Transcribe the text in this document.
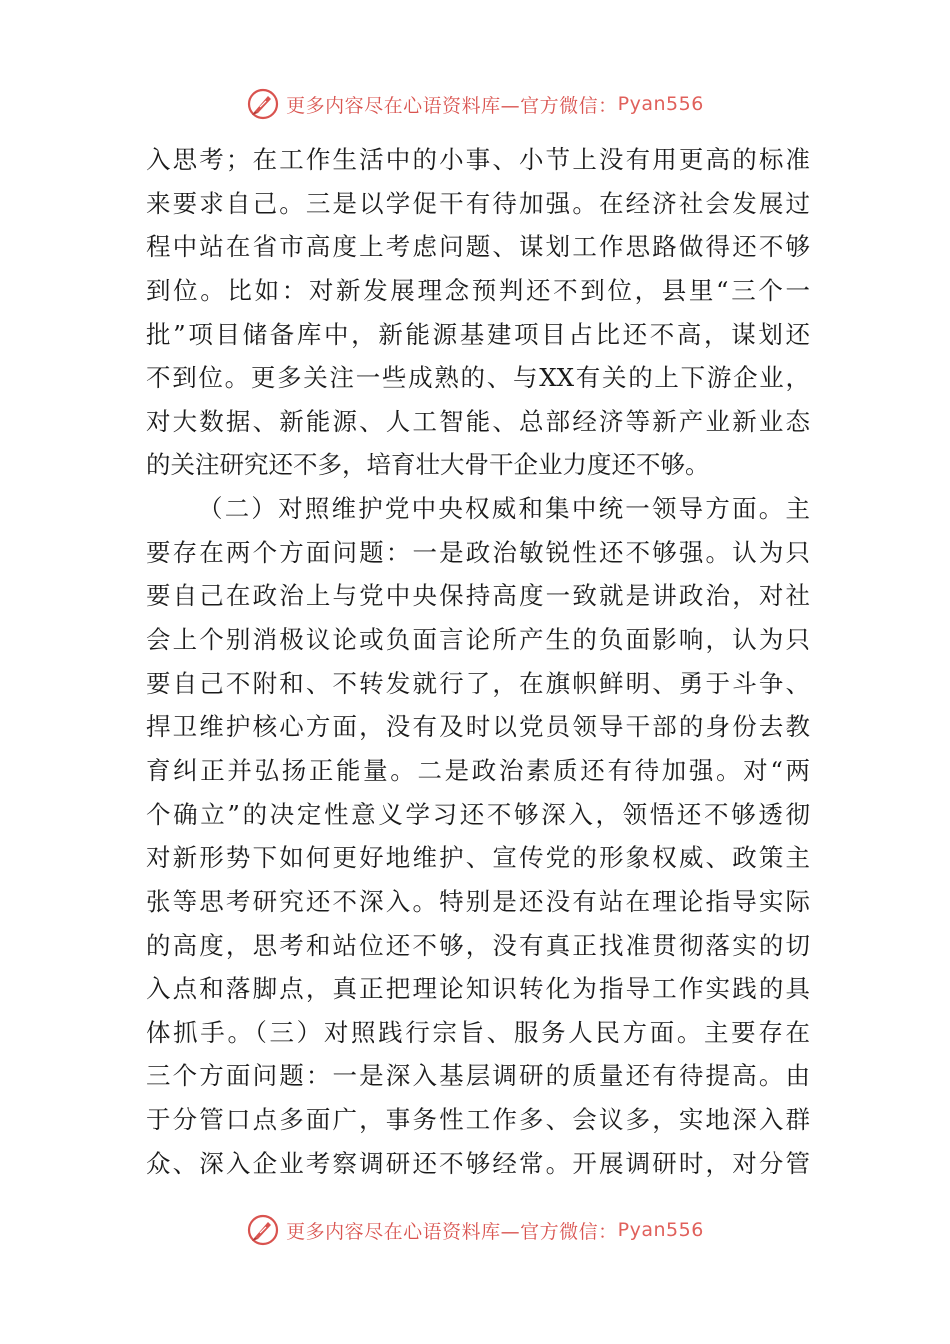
更多内容尽在心语资料库—官方微信： Pyan556
入思考；在工作生活中的小事、小节上没有用更高的标准
来要求自己。三是以学促干有待加强。在经济社会发展过
程中站在省市高度上考虑问题、谋划工作思路做得还不够
到位。比如：对新发展理念预判还不到位，县里“三个一
批”项目储备库中，新能源基建项目占比还不高，谋划还
不到位。更多关注一些成熟的、与XX有关的上下游企业，
对大数据、新能源、人工智能、总部经济等新产业新业态
的关注研究还不多，培育壮大骨干企业力度还不够。
（二）对照维护党中央权威和集中统一领导方面。主
要存在两个方面问题：一是政治敏锐性还不够强。认为只
要自己在政治上与党中央保持高度一致就是讲政治，对社
会上个别消极议论或负面言论所产生的负面影响，认为只
要自己不附和、不转发就行了，在旗帜鲜明、勇于斗争、
捍卫维护核心方面，没有及时以党员领导干部的身份去教
育纠正并弘扬正能量。二是政治素质还有待加强。对“两
个确立”的决定性意义学习还不够深入，领悟还不够透彻
对新形势下如何更好地维护、宣传党的形象权威、政策主
张等思考研究还不深入。特别是还没有站在理论指导实际
的高度，思考和站位还不够，没有真正找准贯彻落实的切
入点和落脚点，真正把理论知识转化为指导工作实践的具
体抓手。（三）对照践行宗旨、服务人民方面。主要存在
三个方面问题：一是深入基层调研的质量还有待提高。由
于分管口点多面广，事务性工作多、会议多，实地深入群
众、深入企业考察调研还不够经常。开展调研时，对分管
更多内容尽在心语资料库—官方微信： Pyan556
